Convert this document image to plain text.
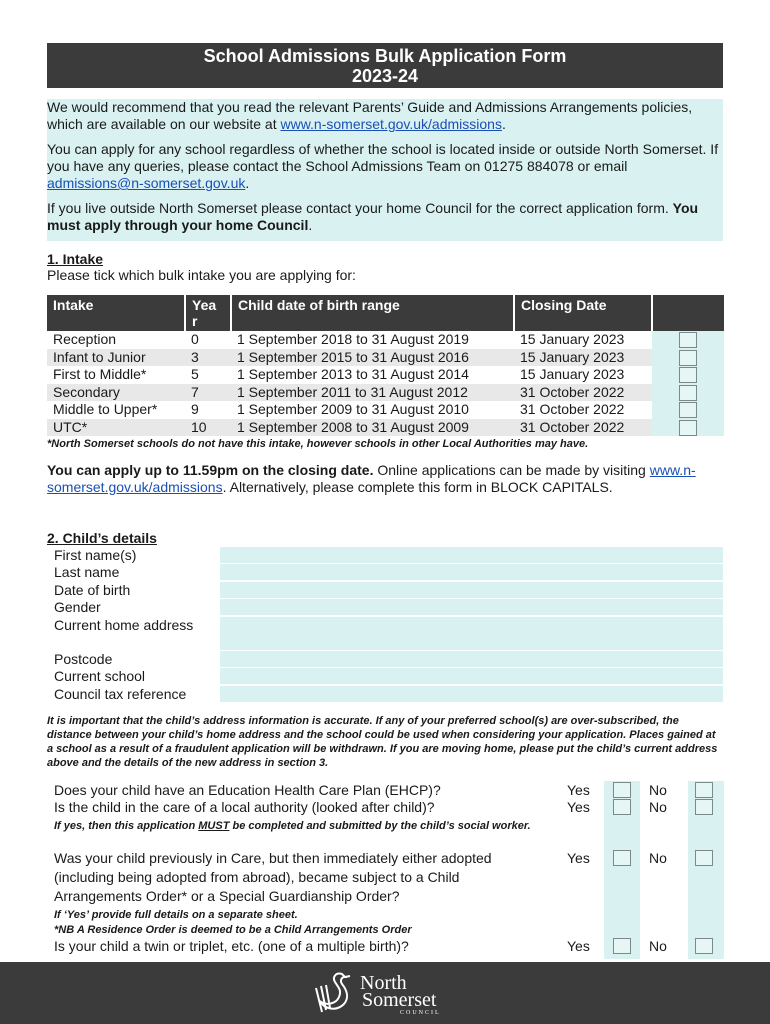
School Admissions Bulk Application Form
2023-24

We would recommend that you read the relevant Parents’ Guide and Admissions Arrangements policies, which are available on our website at www.n-somerset.gov.uk/admissions.

You can apply for any school regardless of whether the school is located inside or outside North Somerset. If you have any queries, please contact the School Admissions Team on 01275 884078 or email admissions@n-somerset.gov.uk.

If you live outside North Somerset please contact your home Council for the correct application form. You must apply through your home Council.

1. Intake
Please tick which bulk intake you are applying for:
Intake	Year	Child date of birth range	Closing Date	
Reception	0	1 September 2018 to 31 August 2019	15 January 2023	
Infant to Junior	3	1 September 2015 to 31 August 2016	15 January 2023	
First to Middle*	5	1 September 2013 to 31 August 2014	15 January 2023	
Secondary	7	1 September 2011 to 31 August 2012	31 October 2022	
Middle to Upper*	9	1 September 2009 to 31 August 2010	31 October 2022	
UTC*	10	1 September 2008 to 31 August 2009	31 October 2022	
*North Somerset schools do not have this intake, however schools in other Local Authorities may have.
You can apply up to 11.59pm on the closing date. Online applications can be made by visiting www.n-somerset.gov.uk/admissions. Alternatively, please complete this form in BLOCK CAPITALS.
2. Child’s details
First name(s)
Last name
Date of birth
Gender
Current home address
Postcode
Current school
Council tax reference
It is important that the child’s address information is accurate. If any of your preferred school(s) are over-subscribed, the distance between your child’s home address and the school could be used when considering your application. Places gained at a school as a result of a fraudulent application will be withdrawn. If you are moving home, please put the child’s current address above and the details of the new address in section 3.
Does your child have an Education Health Care Plan (EHCP)?	Yes	No
Is the child in the care of a local authority (looked after child)?	Yes	No
If yes, then this application MUST be completed and submitted by the child’s social worker.
Was your child previously in Care, but then immediately either adopted (including being adopted from abroad), became subject to a Child Arrangements Order* or a Special Guardianship Order?
Yes	No
If ‘Yes’ provide full details on a separate sheet.
*NB A Residence Order is deemed to be a Child Arrangements Order
Is your child a twin or triplet, etc. (one of a multiple birth)?	Yes	No
North
Somerset
COUNCIL
